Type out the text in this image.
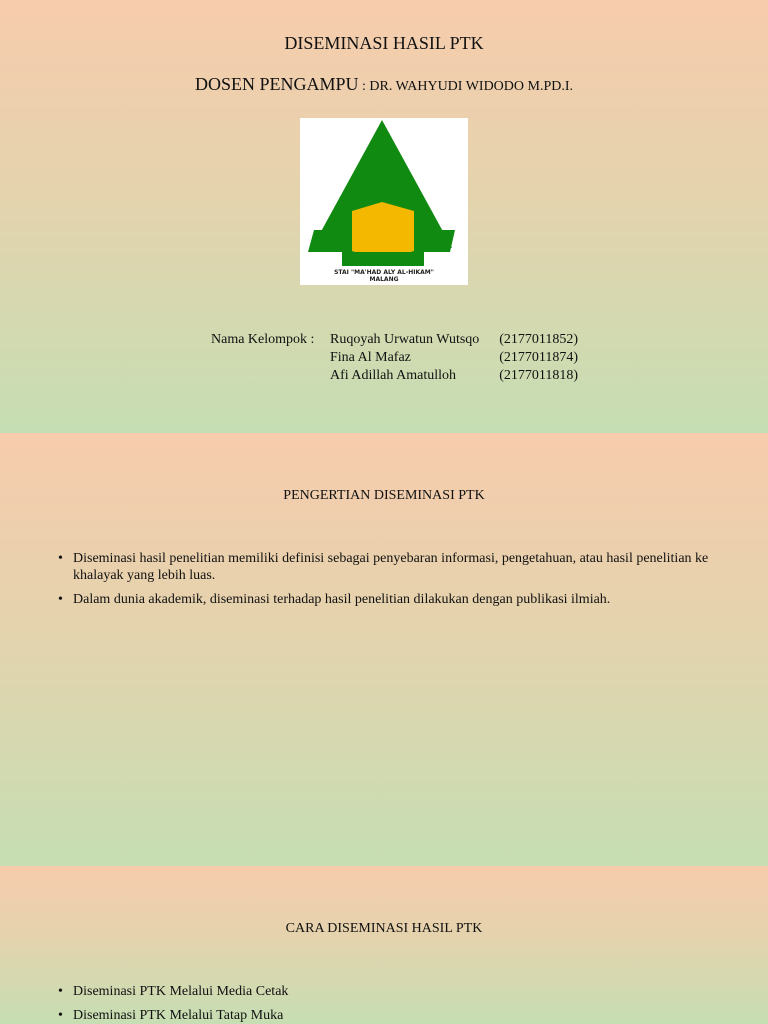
DISEMINASI HASIL PTK
DOSEN PENGAMPU : DR. WAHYUDI WIDODO M.PD.I.
STAI "MA'HAD ALY AL-HIKAM"
MALANG
Nama Kelompok : Ruqoyah Urwatun Wutsqo (2177011852)
Fina Al Mafaz	(2177011874)
Afi Adillah Amatulloh	(2177011818)
PENGERTIAN DISEMINASI PTK
• Diseminasi hasil penelitian memiliki definisi sebagai penyebaran informasi, pengetahuan, atau hasil penelitian ke khalayak yang lebih luas.
• Dalam dunia akademik, diseminasi terhadap hasil penelitian dilakukan dengan publikasi ilmiah.
CARA DISEMINASI HASIL PTK
• Diseminasi PTK Melalui Media Cetak
• Diseminasi PTK Melalui Tatap Muka
